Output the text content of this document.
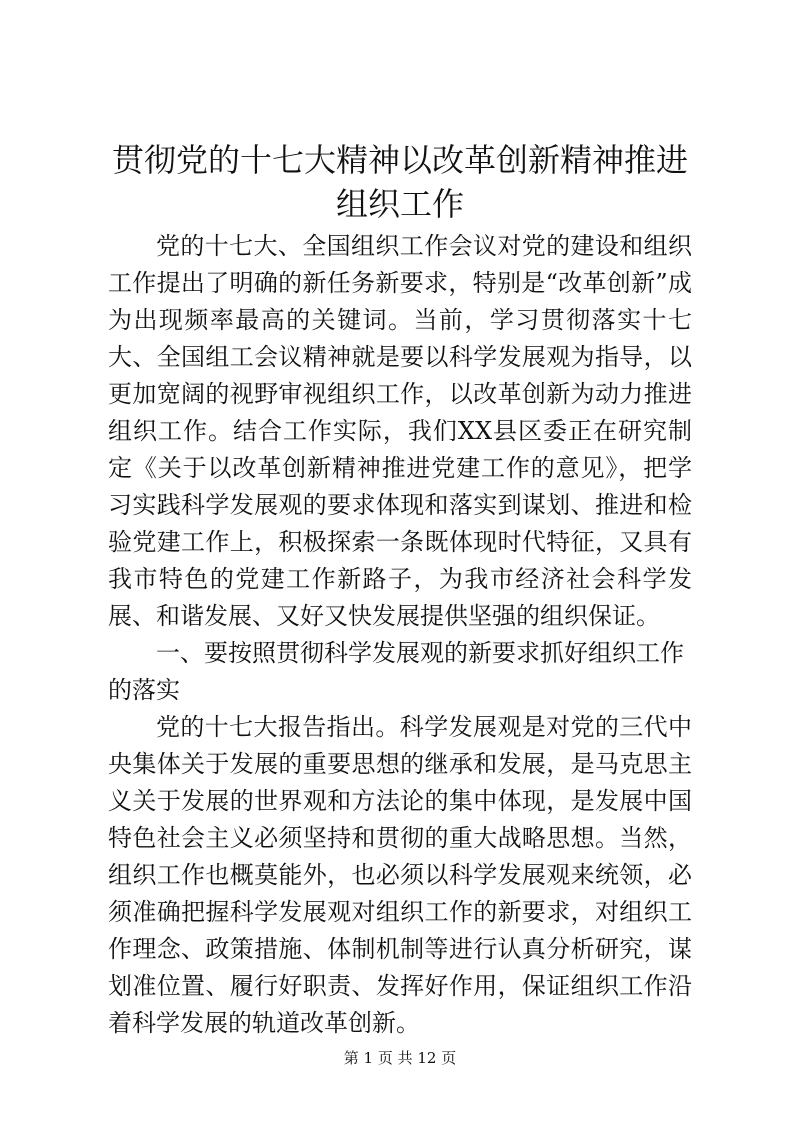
贯彻党的十七大精神以改革创新精神推进组织工作

党的十七大、全国组织工作会议对党的建设和组织工作提出了明确的新任务新要求，特别是“改革创新”成为出现频率最高的关键词。当前，学习贯彻落实十七大、全国组工会议精神就是要以科学发展观为指导，以更加宽阔的视野审视组织工作，以改革创新为动力推进组织工作。结合工作实际，我们XX县区委正在研究制定《关于以改革创新精神推进党建工作的意见》，把学习实践科学发展观的要求体现和落实到谋划、推进和检验党建工作上，积极探索一条既体现时代特征，又具有我市特色的党建工作新路子，为我市经济社会科学发展、和谐发展、又好又快发展提供坚强的组织保证。

一、要按照贯彻科学发展观的新要求抓好组织工作的落实

党的十七大报告指出。科学发展观是对党的三代中央集体关于发展的重要思想的继承和发展，是马克思主义关于发展的世界观和方法论的集中体现，是发展中国特色社会主义必须坚持和贯彻的重大战略思想。当然，组织工作也概莫能外，也必须以科学发展观来统领，必须准确把握科学发展观对组织工作的新要求，对组织工作理念、政策措施、体制机制等进行认真分析研究，谋划准位置、履行好职责、发挥好作用，保证组织工作沿着科学发展的轨道改革创新。

第 1 页 共 12 页
